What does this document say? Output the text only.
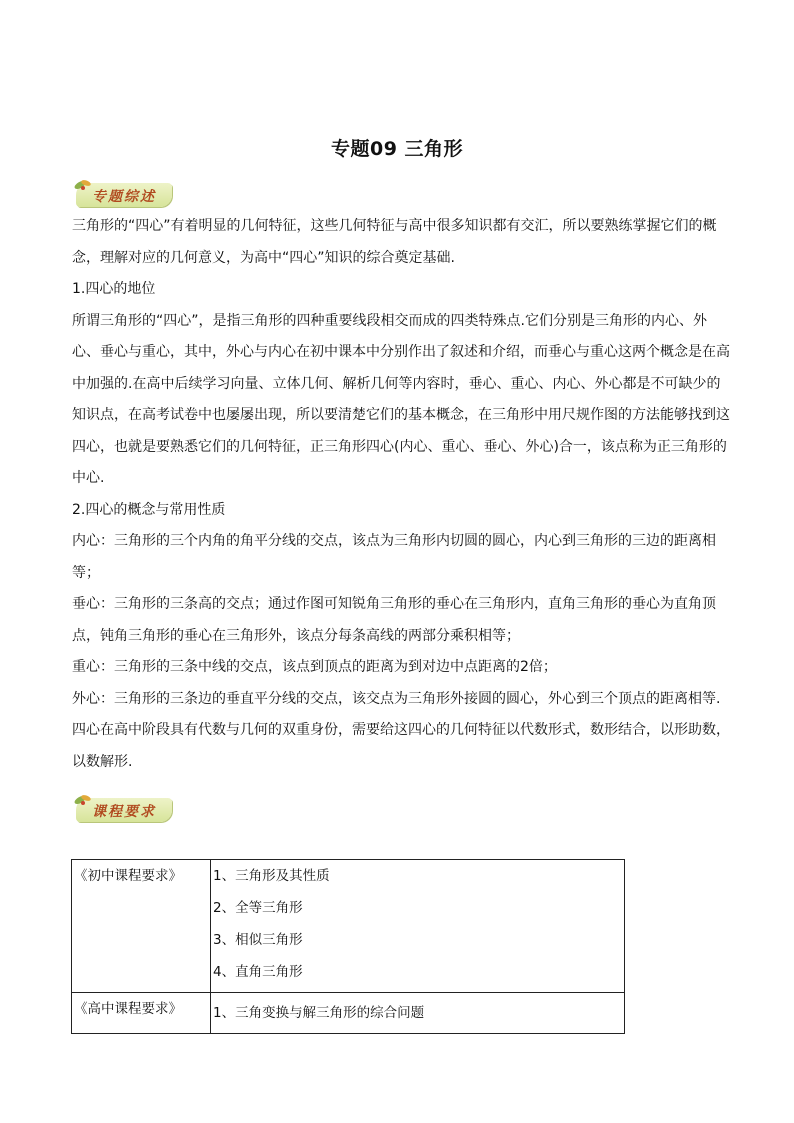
专题09 三角形
专题综述

三角形的“四心”有着明显的几何特征，这些几何特征与高中很多知识都有交汇，所以要熟练掌握它们的概念，理解对应的几何意义，为高中“四心”知识的综合奠定基础.

1.四心的地位

所谓三角形的“四心”，是指三角形的四种重要线段相交而成的四类特殊点.它们分别是三角形的内心、外心、垂心与重心，其中，外心与内心在初中课本中分别作出了叙述和介绍，而垂心与重心这两个概念是在高中加强的.在高中后续学习向量、立体几何、解析几何等内容时，垂心、重心、内心、外心都是不可缺少的知识点，在高考试卷中也屡屡出现，所以要清楚它们的基本概念，在三角形中用尺规作图的方法能够找到这四心，也就是要熟悉它们的几何特征，正三角形四心(内心、重心、垂心、外心)合一，该点称为正三角形的中心.

2.四心的概念与常用性质

内心：三角形的三个内角的角平分线的交点，该点为三角形内切圆的圆心，内心到三角形的三边的距离相等；

垂心：三角形的三条高的交点；通过作图可知锐角三角形的垂心在三角形内，直角三角形的垂心为直角顶点，钝角三角形的垂心在三角形外，该点分每条高线的两部分乘积相等；

重心：三角形的三条中线的交点，该点到顶点的距离为到对边中点距离的2倍；

外心：三角形的三条边的垂直平分线的交点，该交点为三角形外接圆的圆心，外心到三个顶点的距离相等.

四心在高中阶段具有代数与几何的双重身份，需要给这四心的几何特征以代数形式，数形结合，以形助数，以数解形.

课程要求
《初中课程要求》	1、三角形及其性质
2、全等三角形
3、相似三角形
4、直角三角形

《高中课程要求》	1、三角变换与解三角形的综合问题
